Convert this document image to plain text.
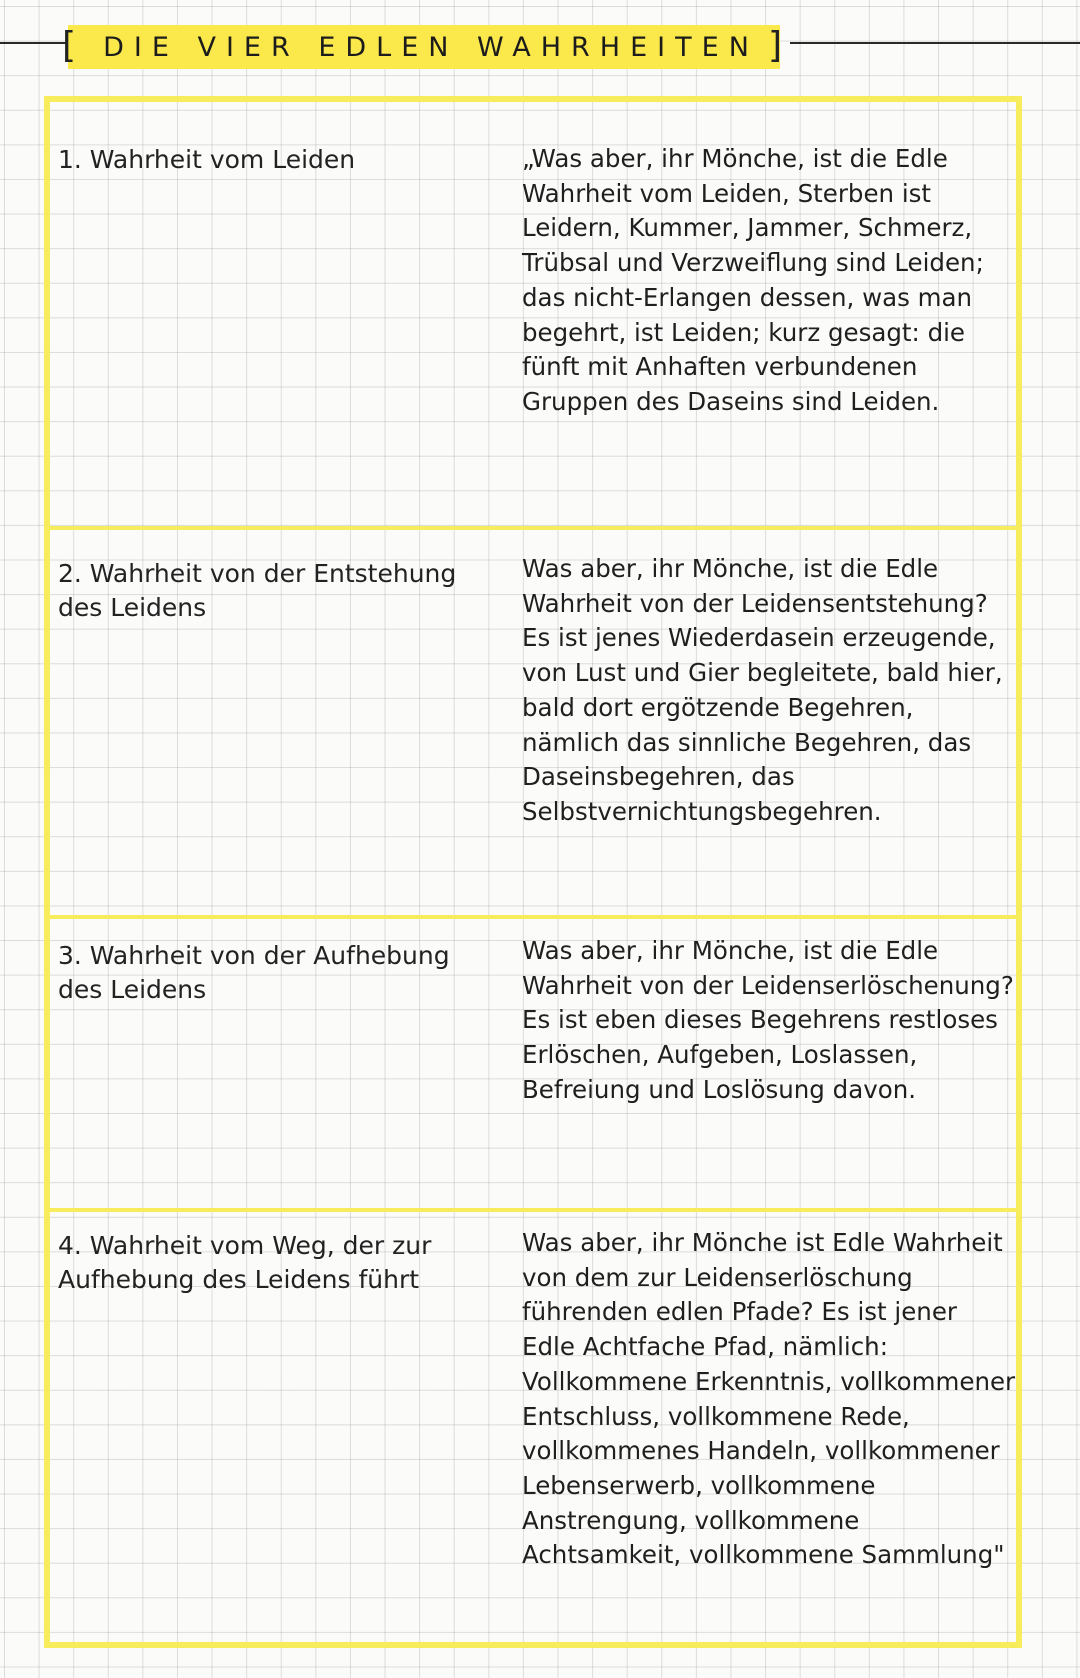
[	]
DIE VIER EDLEN WAHRHEITEN
1. Wahrheit vom Leiden	„Was aber, ihr Mönche, ist die Edle Wahrheit vom Leiden, Sterben ist Leidern, Kummer, Jammer, Schmerz, Trübsal und Verzweiflung sind Leiden; das nicht-Erlangen dessen, was man begehrt, ist Leiden; kurz gesagt: die fünft mit Anhaften verbundenen Gruppen des Daseins sind Leiden.
2. Wahrheit von der Entstehung des Leidens
Was aber, ihr Mönche, ist die Edle Wahrheit von der Leidensentstehung? Es ist jenes Wiederdasein erzeugende, von Lust und Gier begleitete, bald hier, bald dort ergötzende Begehren, nämlich das sinnliche Begehren, das Daseinsbegehren, das Selbstvernichtungsbegehren.
3. Wahrheit von der Aufhebung des Leidens
Was aber, ihr Mönche, ist die Edle Wahrheit von der Leidenserlöschenung? Es ist eben dieses Begehrens restloses Erlöschen, Aufgeben, Loslassen, Befreiung und Loslösung davon.
4. Wahrheit vom Weg, der zur Aufhebung des Leidens führt
Was aber, ihr Mönche ist Edle Wahrheit von dem zur Leidenserlöschung führenden edlen Pfade? Es ist jener Edle Achtfache Pfad, nämlich: Vollkommene Erkenntnis, vollkommener Entschluss, vollkommene Rede, vollkommenes Handeln, vollkommener Lebenserwerb, vollkommene Anstrengung, vollkommene Achtsamkeit, vollkommene Sammlung"
